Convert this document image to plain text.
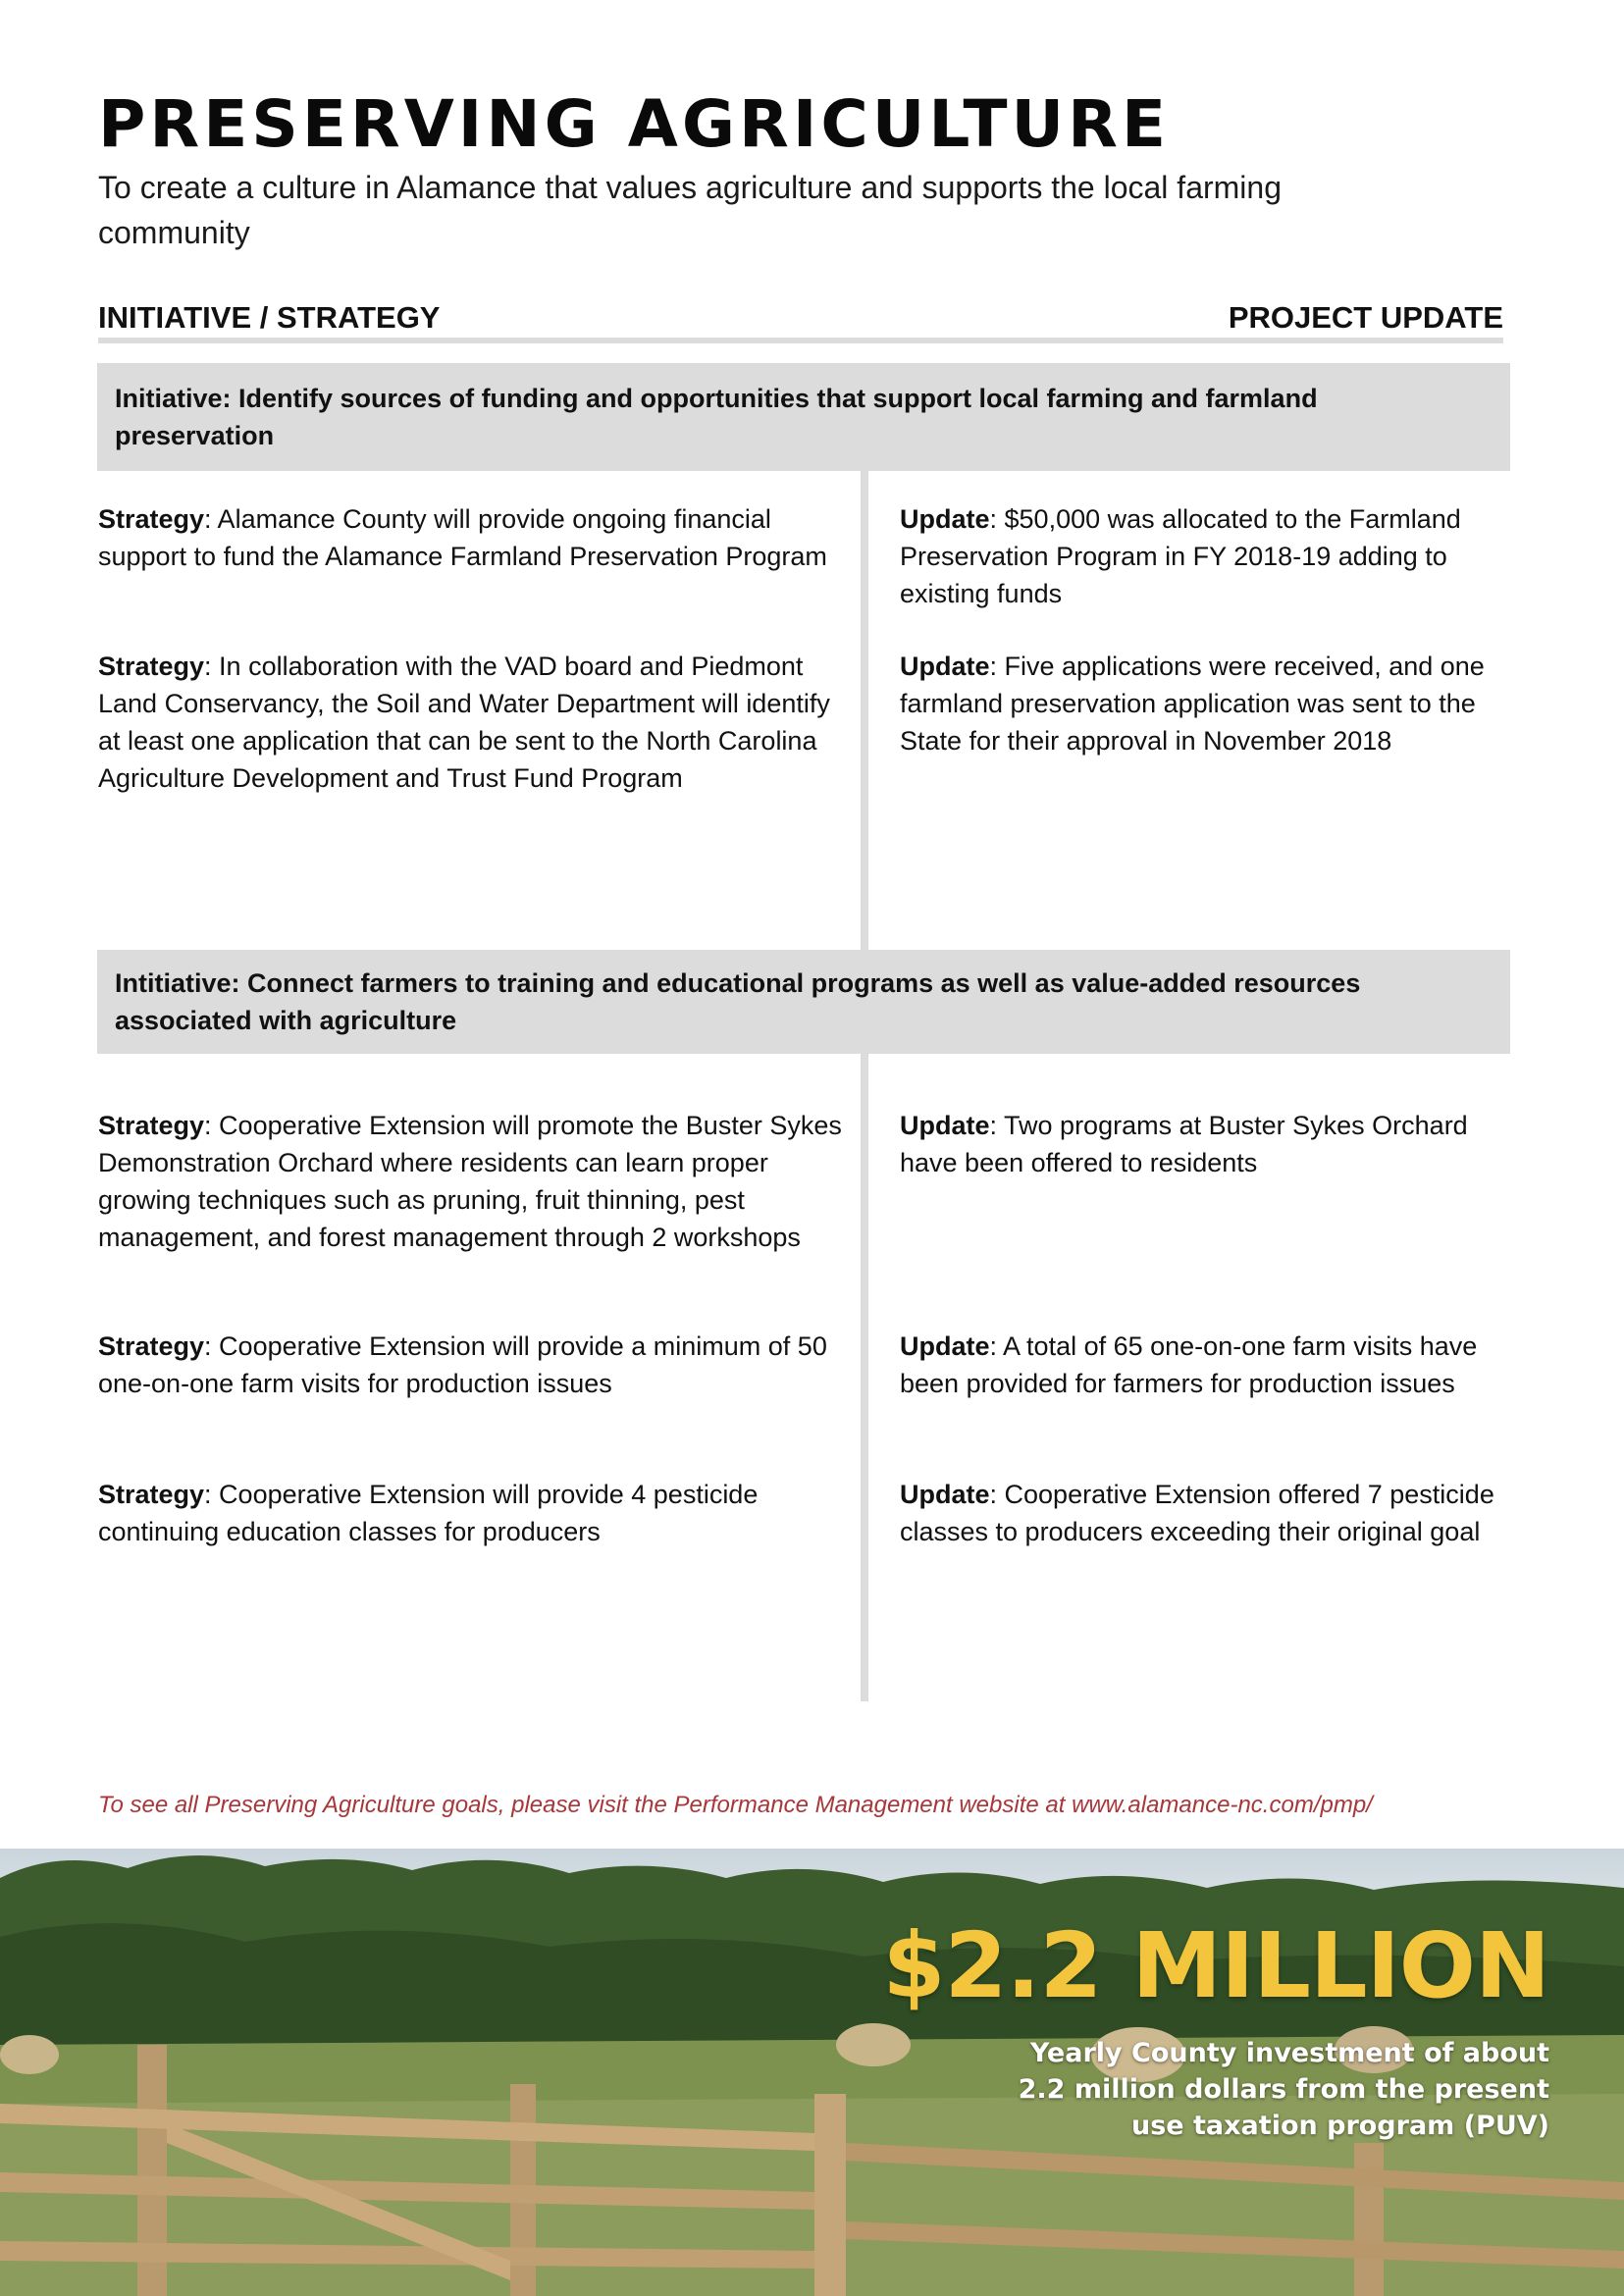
PRESERVING AGRICULTURE

To create a culture in Alamance that values agriculture and supports the local farming community

INITIATIVE / STRATEGY	PROJECT UPDATE
Initiative: Identify sources of funding and opportunities that support local farming and farmland preservation
Strategy: Alamance County will provide ongoing financial support to fund the Alamance Farmland Preservation Program
Update: $50,000 was allocated to the Farmland Preservation Program in FY 2018-19 adding to existing funds
Strategy: In collaboration with the VAD board and Piedmont Land Conservancy, the Soil and Water Department will identify at least one application that can be sent to the North Carolina Agriculture Development and Trust Fund Program
Update: Five applications were received, and one farmland preservation application was sent to the State for their approval in November 2018
Intitiative: Connect farmers to training and educational programs as well as value-added resources associated with agriculture
Strategy: Cooperative Extension will promote the Buster Sykes Demonstration Orchard where residents can learn proper growing techniques such as pruning, fruit thinning, pest management, and forest management through 2 workshops
Update: Two programs at Buster Sykes Orchard have been offered to residents
Strategy: Cooperative Extension will provide a minimum of 50 one-on-one farm visits for production issues
Update: A total of 65 one-on-one farm visits have been provided for farmers for production issues
Strategy: Cooperative Extension will provide 4 pesticide continuing education classes for producers
Update: Cooperative Extension offered 7 pesticide classes to producers exceeding their original goal

To see all Preserving Agriculture goals, please visit the Performance Management website at www.alamance-nc.com/pmp/

$2.2 MILLION
Yearly County investment of about 2.2 million dollars from the present use taxation program (PUV)
